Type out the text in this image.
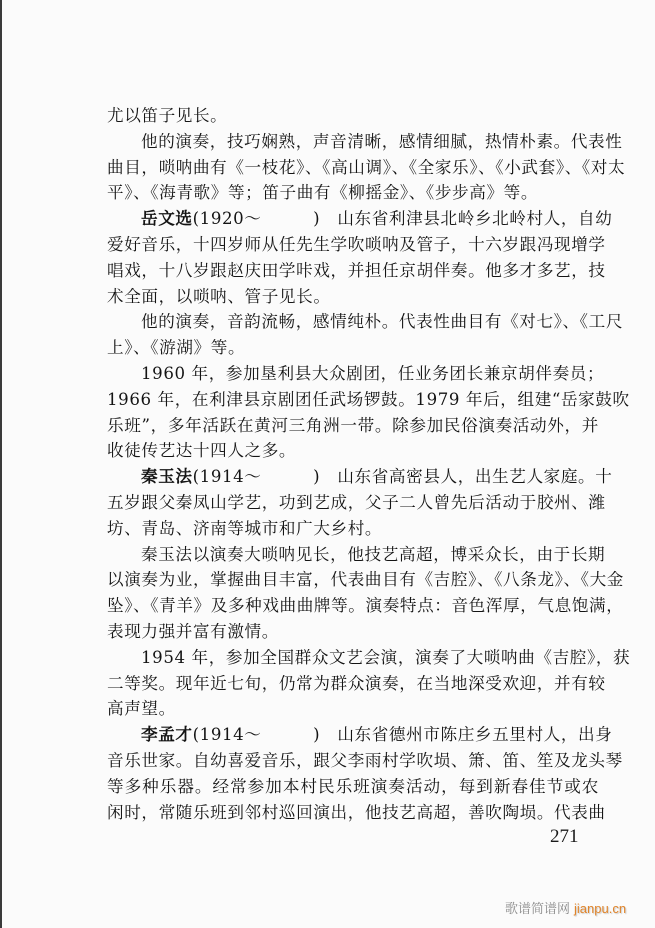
尤以笛子见长。
他的演奏，技巧娴熟，声音清晰，感情细腻，热情朴素。代表性
曲目，唢呐曲有《一枝花》、《高山调》、《全家乐》、《小武套》、《对太
平》、《海青歌》等；笛子曲有《柳摇金》、《步步高》等。
岳文选(1920～　　　)　山东省利津县北岭乡北岭村人，自幼
爱好音乐，十四岁师从任先生学吹唢呐及管子，十六岁跟冯现增学
唱戏，十八岁跟赵庆田学咔戏，并担任京胡伴奏。他多才多艺，技
术全面，以唢呐、管子见长。
他的演奏，音韵流畅，感情纯朴。代表性曲目有《对七》、《工尺
上》、《游湖》等。
1960 年，参加垦利县大众剧团，任业务团长兼京胡伴奏员；
1966 年，在利津县京剧团任武场锣鼓。1979 年后，组建“岳家鼓吹
乐班”，多年活跃在黄河三角洲一带。除参加民俗演奏活动外，并
收徒传艺达十四人之多。
秦玉法(1914～　　　)　山东省高密县人，出生艺人家庭。十
五岁跟父秦凤山学艺，功到艺成，父子二人曾先后活动于胶州、潍
坊、青岛、济南等城市和广大乡村。
秦玉法以演奏大唢呐见长，他技艺高超，博采众长，由于长期
以演奏为业，掌握曲目丰富，代表曲目有《吉腔》、《八条龙》、《大金
坠》、《青羊》及多种戏曲曲牌等。演奏特点：音色浑厚，气息饱满，
表现力强并富有激情。
1954 年，参加全国群众文艺会演，演奏了大唢呐曲《吉腔》，获
二等奖。现年近七旬，仍常为群众演奏，在当地深受欢迎，并有较
高声望。
李孟才(1914～　　　)　山东省德州市陈庄乡五里村人，出身
音乐世家。自幼喜爱音乐，跟父李雨村学吹埙、箫、笛、笙及龙头琴
等多种乐器。经常参加本村民乐班演奏活动，每到新春佳节或农
闲时，常随乐班到邻村巡回演出，他技艺高超，善吹陶埙。代表曲
271
歌谱简谱网 jianpu.cn
